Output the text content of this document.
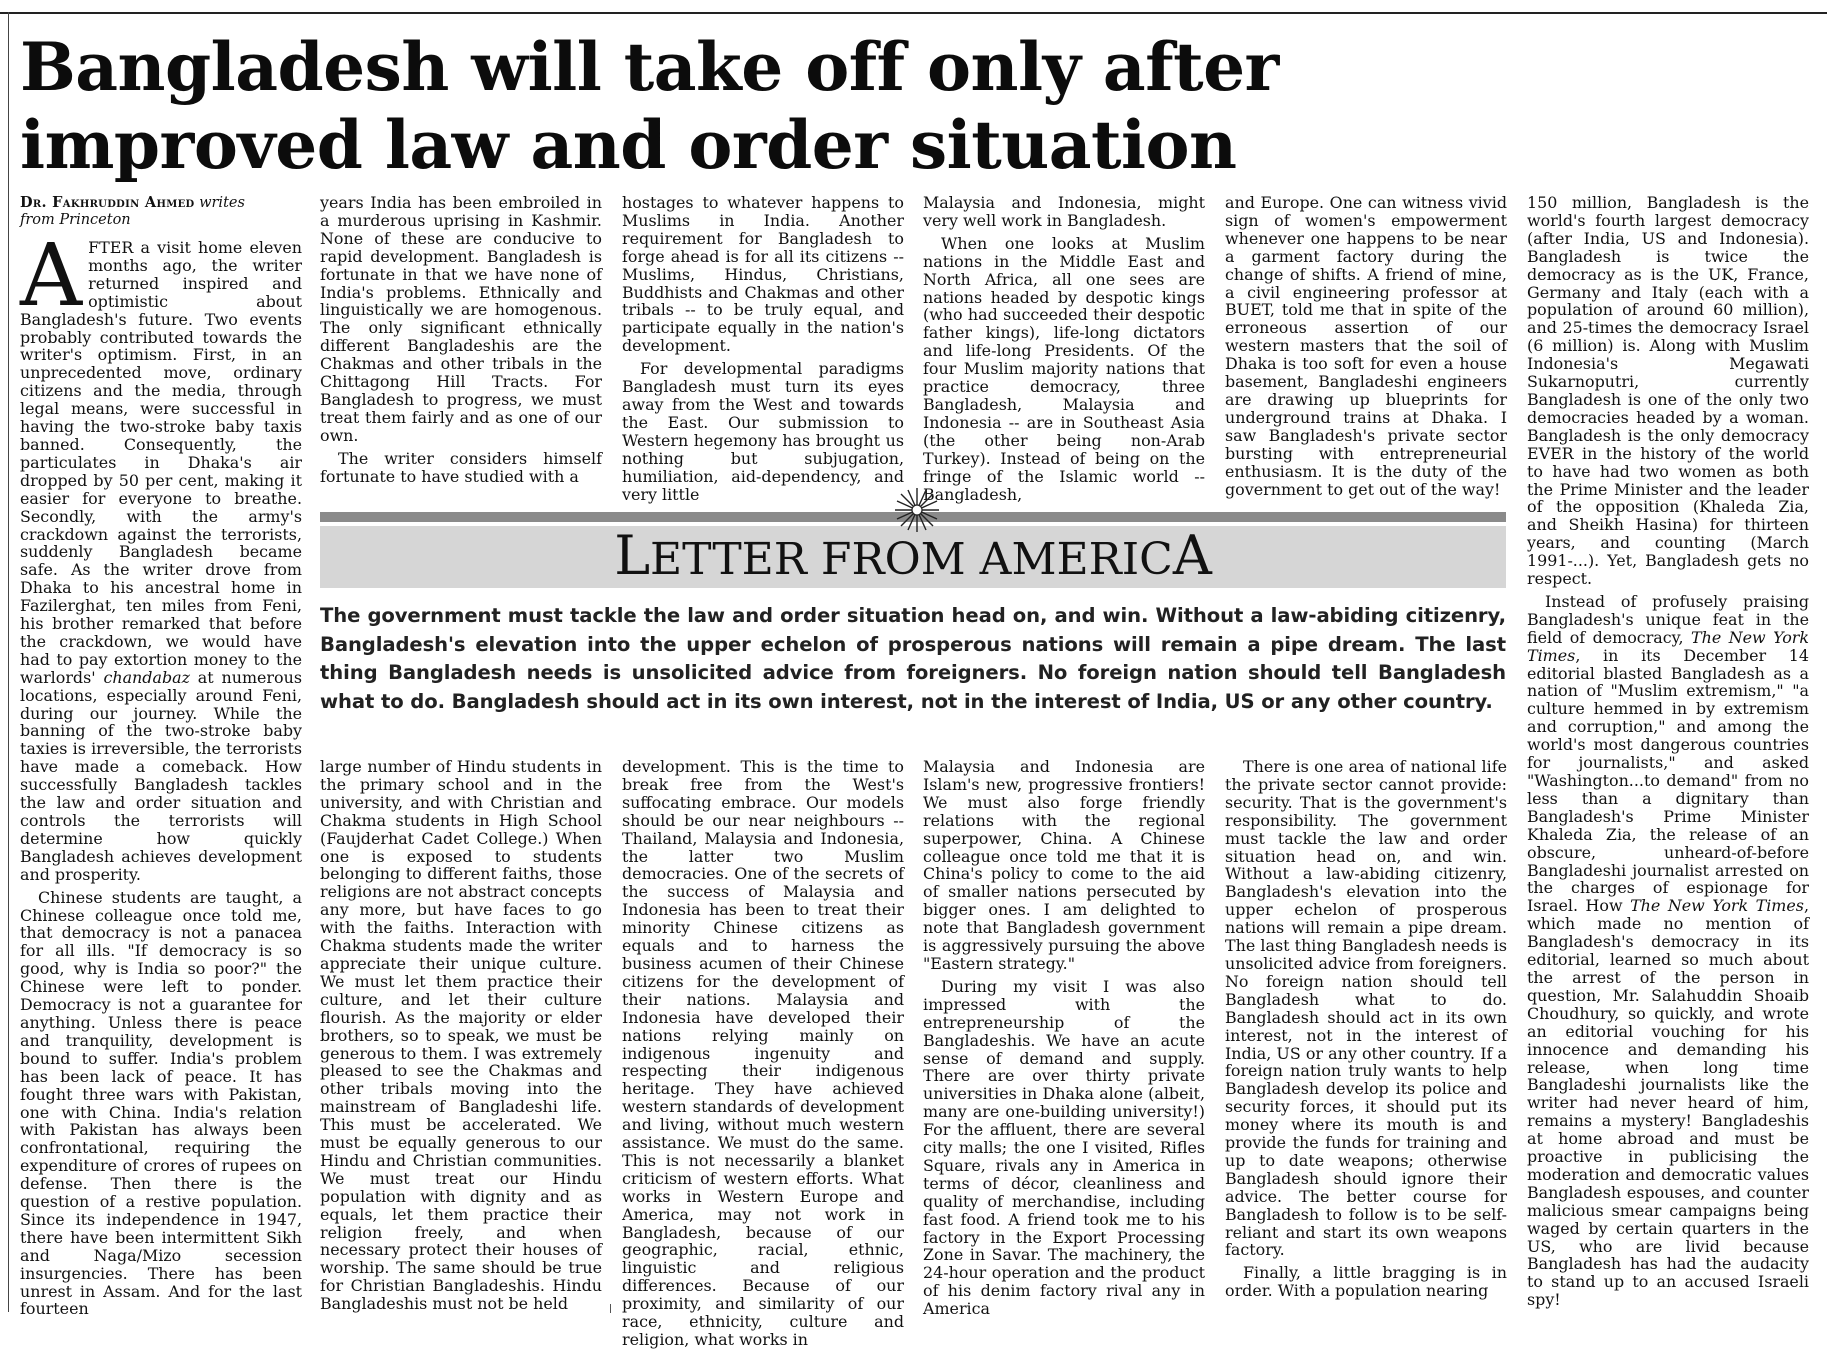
Bangladesh will take off only after improved law and order situation
Dr. Fakhruddin Ahmed writes
from Princeton

AFTER a visit home eleven months ago, the writer returned inspired and optimistic about Bangladesh's future. Two events probably contributed towards the writer's optimism. First, in an unprecedented move, ordinary citizens and the media, through legal means, were successful in having the two-stroke baby taxis banned. Consequently, the particulates in Dhaka's air dropped by 50 per cent, making it easier for everyone to breathe. Secondly, with the army's crackdown against the terrorists, suddenly Bangladesh became safe. As the writer drove from Dhaka to his ancestral home in Fazilerghat, ten miles from Feni, his brother remarked that before the crackdown, we would have had to pay extortion money to the warlords' chandabaz at numerous locations, especially around Feni, during our journey. While the banning of the two-stroke baby taxies is irreversible, the terrorists have made a comeback. How successfully Bangladesh tackles the law and order situation and controls the terrorists will determine how quickly Bangladesh achieves development and prosperity.

Chinese students are taught, a Chinese colleague once told me, that democracy is not a panacea for all ills. "If democracy is so good, why is India so poor?" the Chinese were left to ponder. Democracy is not a guarantee for anything. Unless there is peace and tranquility, development is bound to suffer. India's problem has been lack of peace. It has fought three wars with Pakistan, one with China. India's relation with Pakistan has always been confrontational, requiring the expenditure of crores of rupees on defense. Then there is the question of a restive population. Since its independence in 1947, there have been intermittent Sikh and Naga/Mizo secession insurgencies. There has been unrest in Assam. And for the last fourteen

years India has been embroiled in a murderous uprising in Kashmir. None of these are conducive to rapid development. Bangladesh is fortunate in that we have none of India's problems. Ethnically and linguistically we are homogenous. The only significant ethnically different Bangladeshis are the Chakmas and other tribals in the Chittagong Hill Tracts. For Bangladesh to progress, we must treat them fairly and as one of our own.

The writer considers himself fortunate to have studied with a

hostages to whatever happens to Muslims in India. Another requirement for Bangladesh to forge ahead is for all its citizens -- Muslims, Hindus, Christians, Buddhists and Chakmas and other tribals -- to be truly equal, and participate equally in the nation's development.

For developmental paradigms Bangladesh must turn its eyes away from the West and towards the East. Our submission to Western hegemony has brought us nothing but subjugation, humiliation, aid-dependency, and very little

Malaysia and Indonesia, might very well work in Bangladesh.

When one looks at Muslim nations in the Middle East and North Africa, all one sees are nations headed by despotic kings (who had succeeded their despotic father kings), life-long dictators and life-long Presidents. Of the four Muslim majority nations that practice democracy, three Bangladesh, Malaysia and Indonesia -- are in Southeast Asia (the other being non-Arab Turkey). Instead of being on the fringe of the Islamic world -- Bangladesh,

and Europe. One can witness vivid sign of women's empowerment whenever one happens to be near a garment factory during the change of shifts. A friend of mine, a civil engineering professor at BUET, told me that in spite of the erroneous assertion of our western masters that the soil of Dhaka is too soft for even a house basement, Bangladeshi engineers are drawing up blueprints for underground trains at Dhaka. I saw Bangladesh's private sector bursting with entrepreneurial enthusiasm. It is the duty of the government to get out of the way!

150 million, Bangladesh is the world's fourth largest democracy (after India, US and Indonesia). Bangladesh is twice the democracy as is the UK, France, Germany and Italy (each with a population of around 60 million), and 25-times the democracy Israel (6 million) is. Along with Muslim Indonesia's Megawati Sukarnoputri, currently Bangladesh is one of the only two democracies headed by a woman. Bangladesh is the only democracy EVER in the history of the world to have had two women as both the Prime Minister and the leader of the opposition (Khaleda Zia, and Sheikh Hasina) for thirteen years, and counting (March 1991-...). Yet, Bangladesh gets no respect.

Instead of profusely praising Bangladesh's unique feat in the field of democracy, The New York Times, in its December 14 editorial blasted Bangladesh as a nation of "Muslim extremism," "a culture hemmed in by extremism and corruption," and among the world's most dangerous countries for journalists," and asked "Washington...to demand" from no less than a dignitary than Bangladesh's Prime Minister Khaleda Zia, the release of an obscure, unheard-of-before Bangladeshi journalist arrested on the charges of espionage for Israel. How The New York Times, which made no mention of Bangladesh's democracy in its editorial, learned so much about the arrest of the person in question, Mr. Salahuddin Shoaib Choudhury, so quickly, and wrote an editorial vouching for his innocence and demanding his release, when long time Bangladeshi journalists like the writer had never heard of him, remains a mystery! Bangladeshis at home abroad and must be proactive in publicising the moderation and democratic values Bangladesh espouses, and counter malicious smear campaigns being waged by certain quarters in the US, who are livid because Bangladesh has had the audacity to stand up to an accused Israeli spy!

LETTER FROM AMERICA

The government must tackle the law and order situation head on, and win. Without a law-abiding citizenry, Bangladesh's elevation into the upper echelon of prosperous nations will remain a pipe dream. The last thing Bangladesh needs is unsolicited advice from foreigners. No foreign nation should tell Bangladesh what to do. Bangladesh should act in its own interest, not in the interest of India, US or any other country.

large number of Hindu students in the primary school and in the university, and with Christian and Chakma students in High School (Faujderhat Cadet College.) When one is exposed to students belonging to different faiths, those religions are not abstract concepts any more, but have faces to go with the faiths. Interaction with Chakma students made the writer appreciate their unique culture. We must let them practice their culture, and let their culture flourish. As the majority or elder brothers, so to speak, we must be generous to them. I was extremely pleased to see the Chakmas and other tribals moving into the mainstream of Bangladeshi life. This must be accelerated. We must be equally generous to our Hindu and Christian communities. We must treat our Hindu population with dignity and as equals, let them practice their religion freely, and when necessary protect their houses of worship. The same should be true for Christian Bangladeshis. Hindu Bangladeshis must not be held

development. This is the time to break free from the West's suffocating embrace. Our models should be our near neighbours -- Thailand, Malaysia and Indonesia, the latter two Muslim democracies. One of the secrets of the success of Malaysia and Indonesia has been to treat their minority Chinese citizens as equals and to harness the business acumen of their Chinese citizens for the development of their nations. Malaysia and Indonesia have developed their nations relying mainly on indigenous ingenuity and respecting their indigenous heritage. They have achieved western standards of development and living, without much western assistance. We must do the same. This is not necessarily a blanket criticism of western efforts. What works in Western Europe and America, may not work in Bangladesh, because of our geographic, racial, ethnic, linguistic and religious differences. Because of our proximity, and similarity of our race, ethnicity, culture and religion, what works in

Malaysia and Indonesia are Islam's new, progressive frontiers! We must also forge friendly relations with the regional superpower, China. A Chinese colleague once told me that it is China's policy to come to the aid of smaller nations persecuted by bigger ones. I am delighted to note that Bangladesh government is aggressively pursuing the above "Eastern strategy."

During my visit I was also impressed with the entrepreneurship of the Bangladeshis. We have an acute sense of demand and supply. There are over thirty private universities in Dhaka alone (albeit, many are one-building university!) For the affluent, there are several city malls; the one I visited, Rifles Square, rivals any in America in terms of décor, cleanliness and quality of merchandise, including fast food. A friend took me to his factory in the Export Processing Zone in Savar. The machinery, the 24-hour operation and the product of his denim factory rival any in America

There is one area of national life the private sector cannot provide: security. That is the government's responsibility. The government must tackle the law and order situation head on, and win. Without a law-abiding citizenry, Bangladesh's elevation into the upper echelon of prosperous nations will remain a pipe dream. The last thing Bangladesh needs is unsolicited advice from foreigners. No foreign nation should tell Bangladesh what to do. Bangladesh should act in its own interest, not in the interest of India, US or any other country. If a foreign nation truly wants to help Bangladesh develop its police and security forces, it should put its money where its mouth is and provide the funds for training and up to date weapons; otherwise Bangladesh should ignore their advice. The better course for Bangladesh to follow is to be self-reliant and start its own weapons factory.

Finally, a little bragging is in order. With a population nearing
